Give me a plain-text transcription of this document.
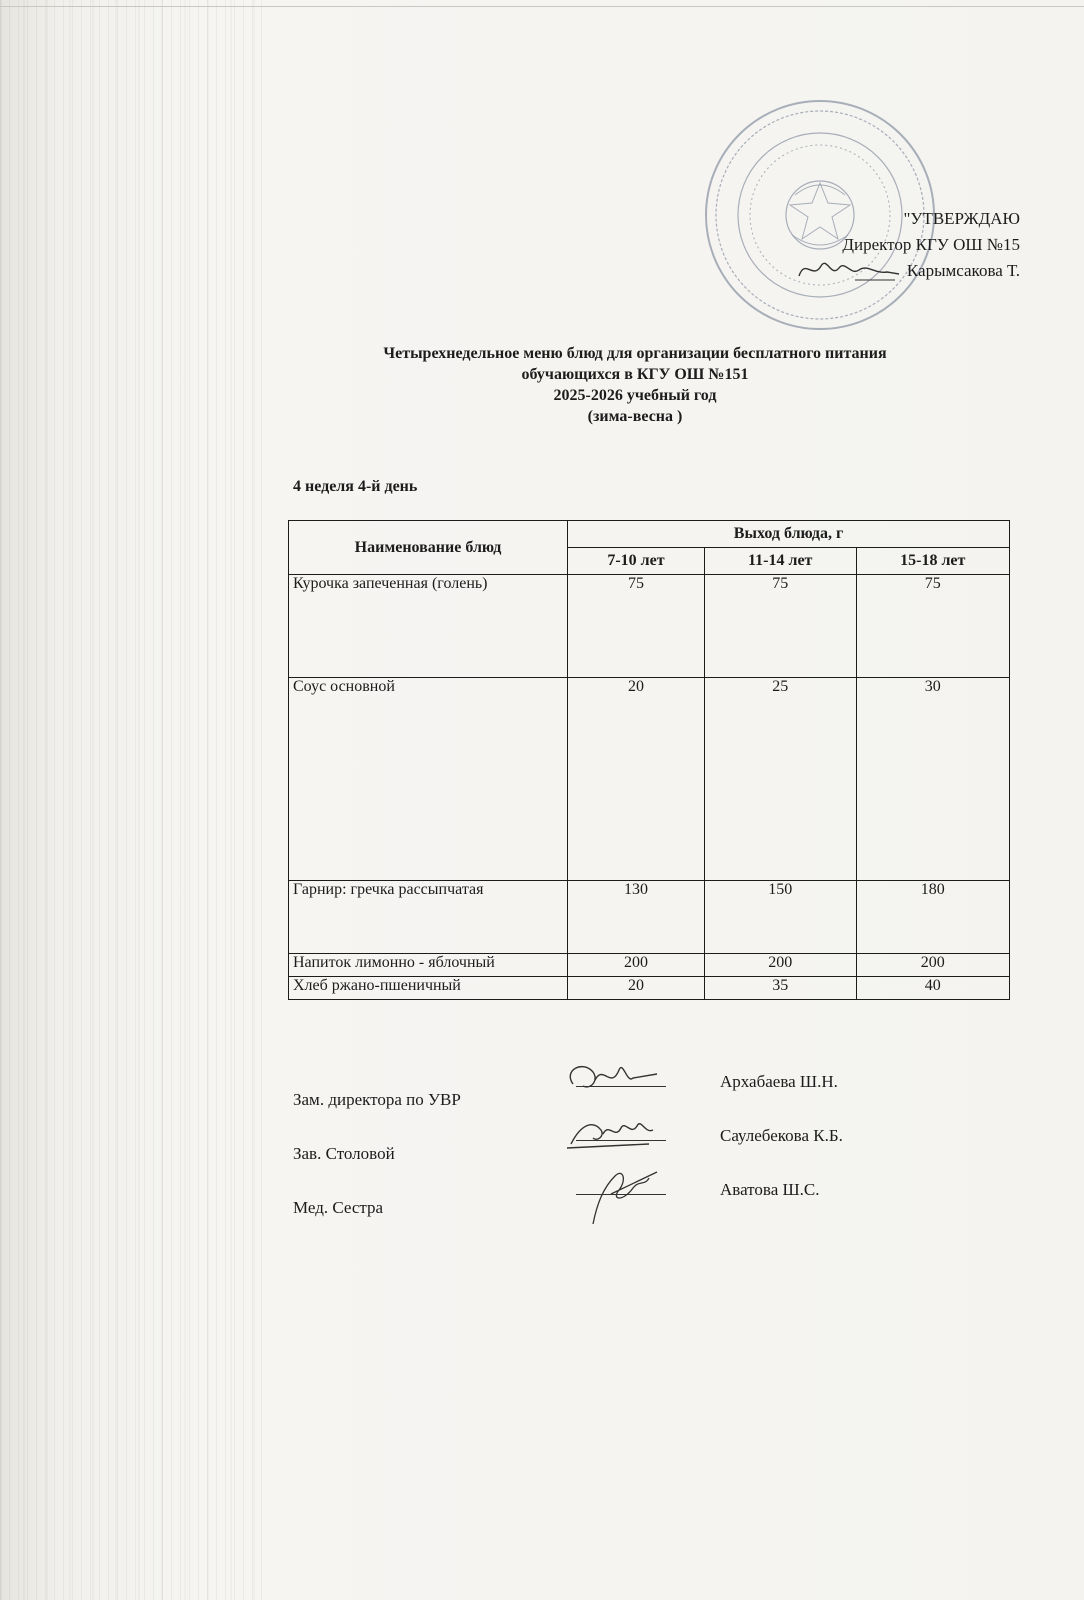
"УТВЕРЖДАЮ
Директор КГУ ОШ №15
Карымсакова Т.
Четырехнедельное меню блюд для организации бесплатного питания
обучающихся в КГУ ОШ №151
2025-2026 учебный год
(зима-весна )
4 неделя 4-й день
Наименование блюд	Выход блюда, г		
	7-10 лет	11-14 лет	15-18 лет
Курочка запеченная (голень)	75	75	75
Соус основной	20	25	30
Гарнир: гречка рассыпчатая	130	150	180
Напиток лимонно - яблочный	200	200	200
Хлеб ржано-пшеничный	20	35	40
Зам. директора по УВР
Архабаева Ш.Н.
Зав. Столовой
Саулебекова К.Б.
Мед. Сестра
Аватова Ш.С.
